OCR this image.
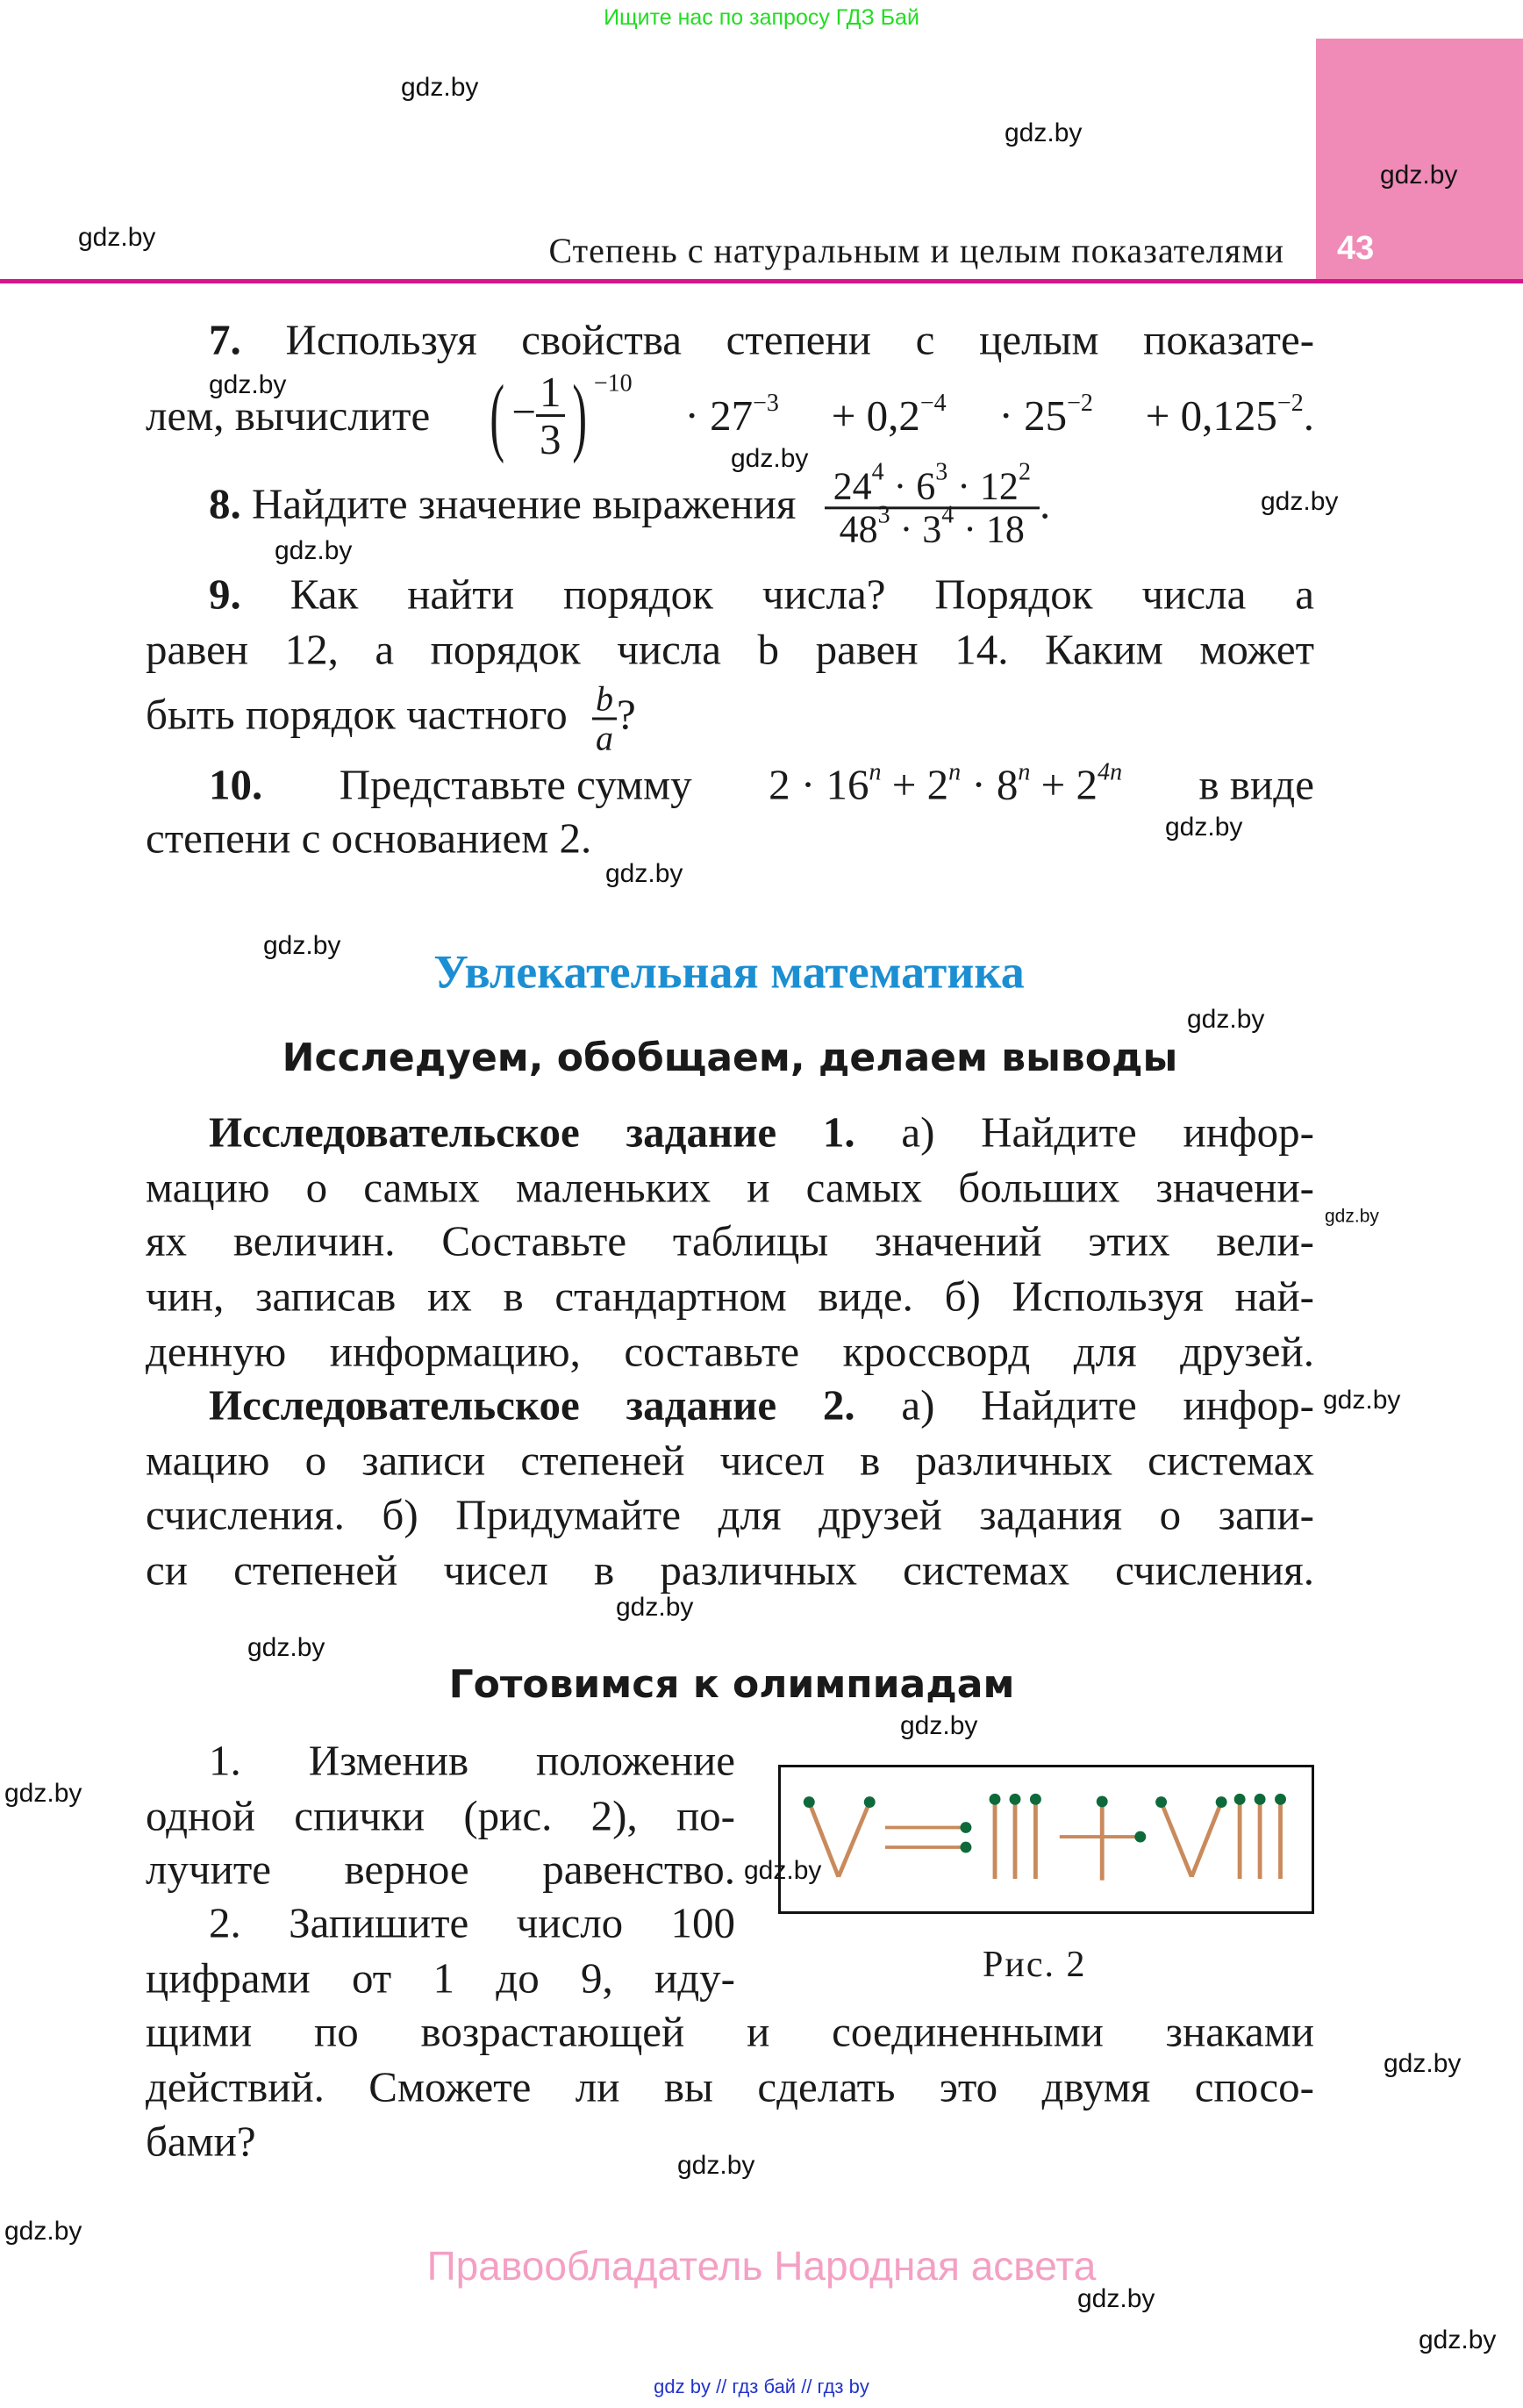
Ищите нас по запросу ГДЗ Бай
43
Степень с натуральным и целым показателями
gdz.by
gdz.by
gdz.by
gdz.by
gdz.by
gdz.by
gdz.by
gdz.by
gdz.by
gdz.by
gdz.by
gdz.by
gdz.by
gdz.by
gdz.by
gdz.by
gdz.by
gdz.by
gdz.by
gdz.by
gdz.by
gdz.by
gdz.by
gdz.by
7. Используя свойства степени с целым показате-
лем, вычислите ( − $\frac{1}{3}$ ) $^{-10}$
· $27^{-3} + 0,2^{-4} \cdot 25^{-2} + 0,125^{-2}$.
8. Найдите значение выражения $\frac{24^4 \cdot 6^3 \cdot 12^2}{48^3 \cdot 3^4 \cdot 18}$ .
9. Как найти порядок числа? Порядок числа a
равен 12, а порядок числа b равен 14. Каким может
быть порядок частного $\frac{b}{a}$ ?
10. Представьте сумму $2 \cdot 16^n + 2^n \cdot 8^n + 2^{4n}$ в виде
степени с основанием 2.
Увлекательная математика
Исследуем, обобщаем, делаем выводы
Исследовательское задание 1. а) Найдите инфор-
мацию о самых маленьких и самых больших значени-
ях величин. Составьте таблицы значений этих вели-
чин, записав их в стандартном виде. б) Используя най-
денную информацию, составьте кроссворд для друзей.
Исследовательское задание 2. а) Найдите инфор-
мацию о записи степеней чисел в различных системах
счисления. б) Придумайте для друзей задания о запи-
си степеней чисел в различных системах счисления.
Готовимся к олимпиадам
1. Изменив положение
одной спички (рис. 2), по-
лучите верное равенство.
2. Запишите число 100
цифрами от 1 до 9, иду-
щими по возрастающей и соединенными знаками
действий. Сможете ли вы сделать это двумя спосо-
бами?
Рис. 2
Правообладатель Народная асвета
gdz by // гдз бай // гдз by
